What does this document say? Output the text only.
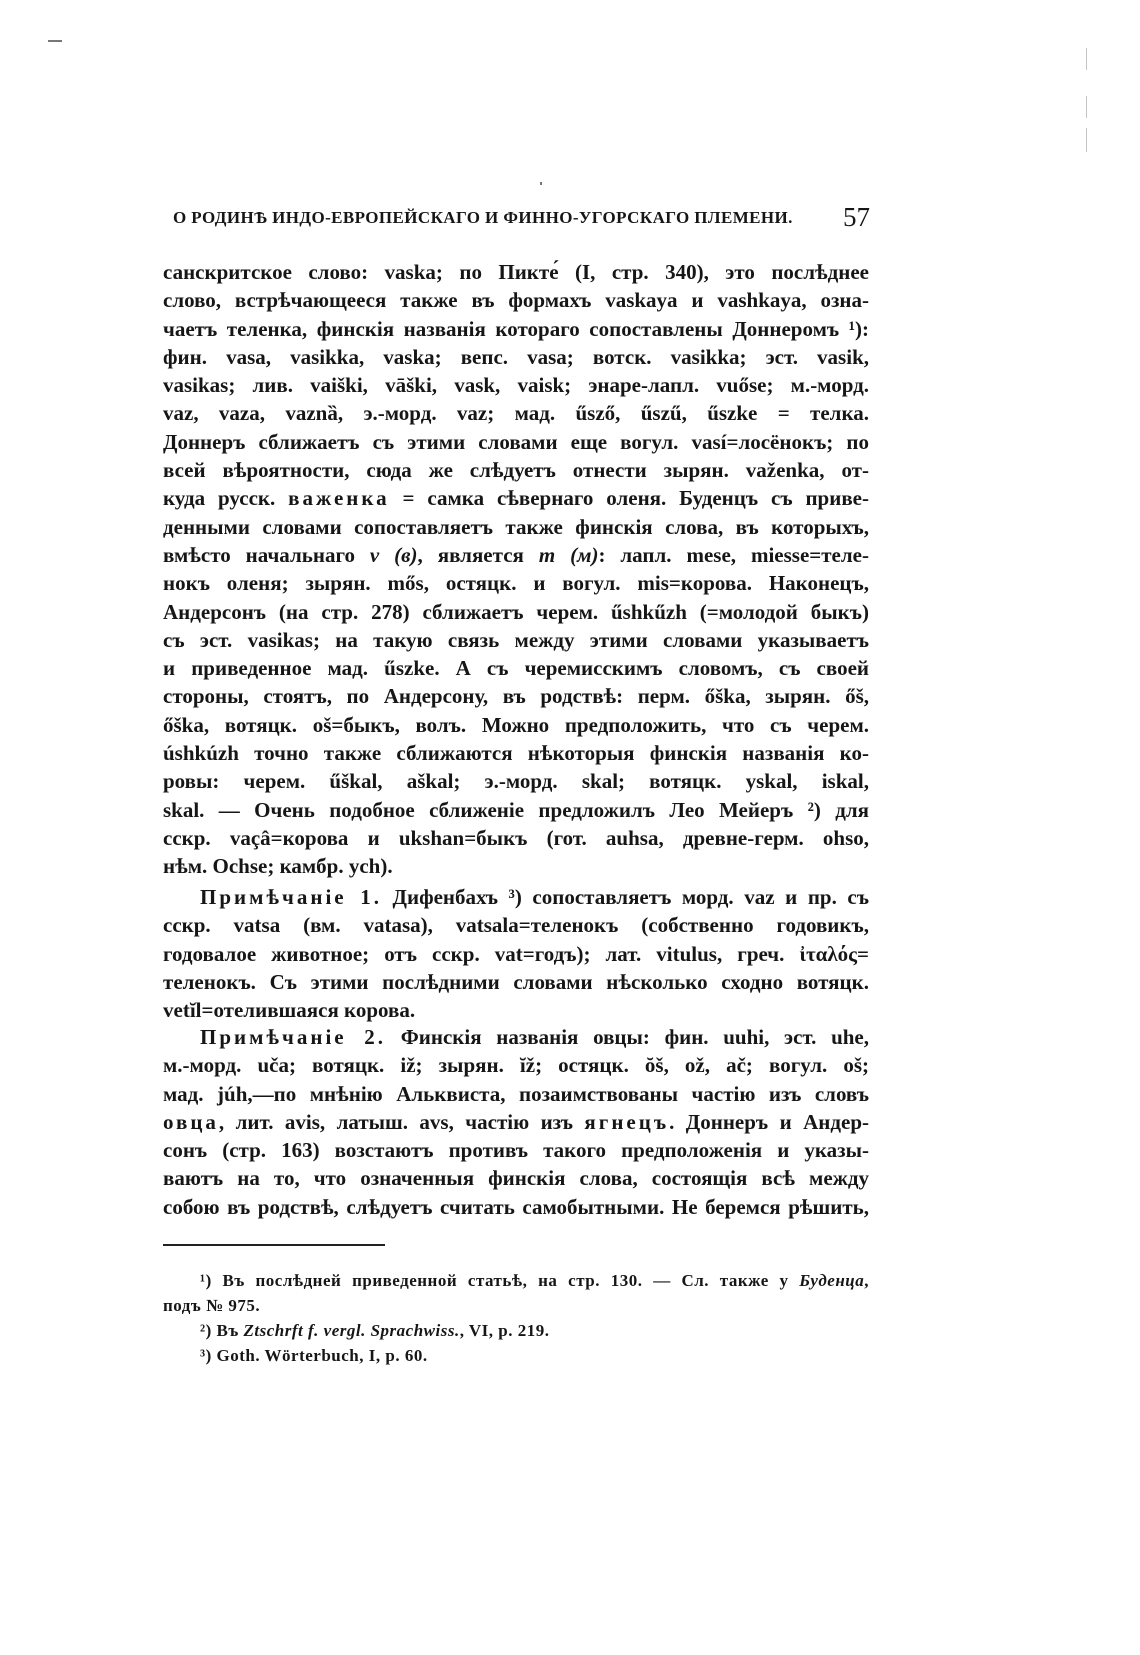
О РОДИНѢ ИНДО-ЕВРОПЕЙСКАГО И ФИННО-УГОРСКАГО ПЛЕМЕНИ. 57
санскритское слово: vaska; по Пикте́ (I, стр. 340), это послѣднее
слово, встрѣчающееся также въ формахъ vaskaya и vashkaya, озна-
чаетъ теленка, финскія названія котораго сопоставлены Доннеромъ ¹):
фин. vasa, vasikka, vaska; вепс. vasa; вотск. vasikka; эст. vasik,
vasikas; лив. vaiški, vāški, vask, vaisk; энаре-лапл. vuőse; м.-морд.
vaz, vaza, vaznȁ, э.-морд. vaz; мад. űsző, űszű, űszke = телка.
Доннеръ сближаетъ съ этими словами еще вогул. vasí=лосёнокъ; по
всей вѣроятности, сюда же слѣдуетъ отнести зырян. važenka, от-
куда русск. важенка = самка сѣвернаго оленя. Буденцъ съ приве-
денными словами сопоставляетъ также финскія слова, въ которыхъ,
вмѣсто начальнаго v (в), является m (м): лапл. mese, miesse=теле-
нокъ оленя; зырян. mős, остяцк. и вогул. mis=корова. Наконецъ,
Андерсонъ (на стр. 278) сближаетъ черем. űshkűzh (=молодой быкъ)
съ эст. vasikas; на такую связь между этими словами указываетъ
и приведенное мад. űszke. А съ черемисскимъ словомъ, съ своей
стороны, стоятъ, по Андерсону, въ родствѣ: перм. őška, зырян. őš,
őška, вотяцк. oš=быкъ, волъ. Можно предположить, что съ черем.
úshkúzh точно также сближаются нѣкоторыя финскія названія ко-
ровы: черем. űškal, aškal; э.-морд. skal; вотяцк. yskal, iskal,
skal. — Очень подобное сближеніе предложилъ Лео Мейеръ ²) для
сскр. vaçâ=корова и ukshan=быкъ (гот. auhsa, древне-герм. ohso,
нѣм. Ochse; камбр. ych).
Примѣчаніе 1. Дифенбахъ ³) сопоставляетъ морд. vaz и пр. съ
сскр. vatsa (вм. vatasa), vatsala=теленокъ (собственно годовикъ,
годовалое животное; отъ сскр. vat=годъ); лат. vitulus, греч. ἰταλός=
теленокъ. Съ этими послѣдними словами нѣсколько сходно вотяцк.
vetĭl=отелившаяся корова.
Примѣчаніе 2. Финскія названія овцы: фин. uuhi, эст. uhe,
м.-морд. uča; вотяцк. iž; зырян. ĭž; остяцк. ŏš, ož, ač; вогул. oš;
мад. júh,—по мнѣнію Альквиста, позаимствованы частію изъ словъ
овца, лит. avis, латыш. avs, частію изъ ягнецъ. Доннеръ и Андер-
сонъ (стр. 163) возстаютъ противъ такого предположенія и указы-
ваютъ на то, что означенныя финскія слова, состоящія всѣ между
собою въ родствѣ, слѣдуетъ считать самобытными. Не беремся рѣшить,
¹) Въ послѣдней приведенной статьѣ, на стр. 130. — Сл. также у Буденца,
подъ № 975.
²) Въ Ztschrft f. vergl. Sprachwiss., VI, p. 219.
³) Goth. Wörterbuch, I, p. 60.
